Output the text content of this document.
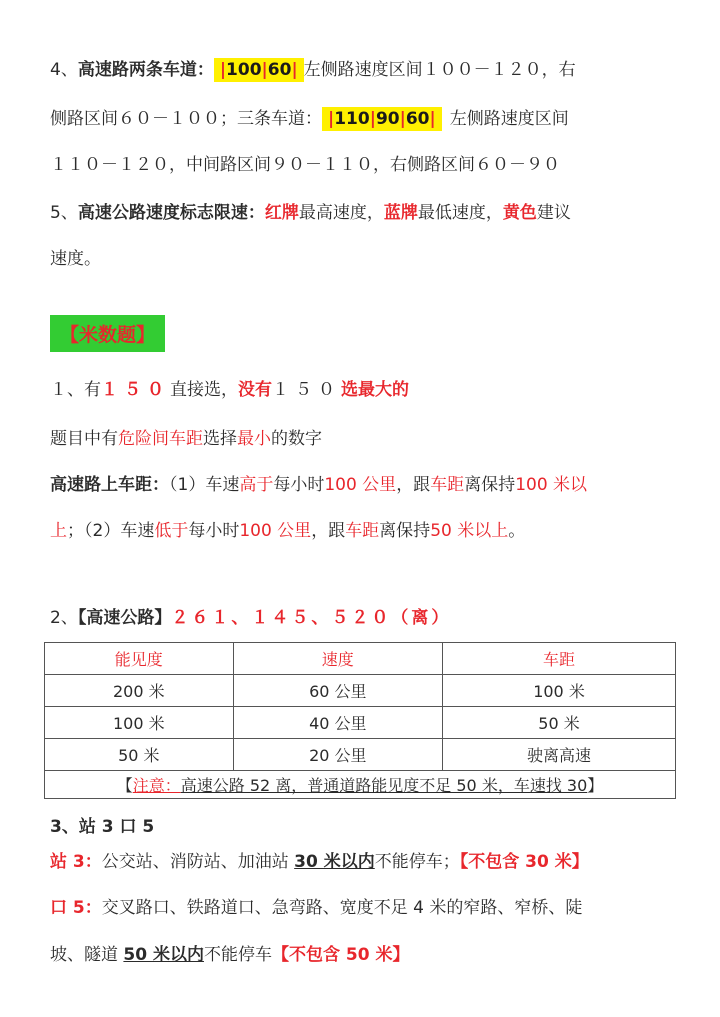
4、高速路两条车道： |100|60| 左侧路速度区间１００－１２０，右
侧路区间６０－１００；三条车道： |110|90|60| 左侧路速度区间
１１０－１２０，中间路区间９０－１１０，右侧路区间６０－９０
5、高速公路速度标志限速：红牌最高速度，蓝牌最低速度，黄色建议
速度。
【米数题】
１、有１５０直接选，没有１５０选最大的
题目中有危险间车距选择最小的数字
高速路上车距：（1）车速高于每小时100 公里，跟车距离保持100 米以
上；（2）车速低于每小时100 公里，跟车距离保持50 米以上。
2、【高速公路】２６１、１４５、５２０（离）
能见度	速度	车距
200 米	60 公里	100 米
100 米	40 公里	50 米
50 米	20 公里	驶离高速
【注意：高速公路 52 离，普通道路能见度不足 50 米，车速找 30】		
3、站 3 口 5
站 3：公交站、消防站、加油站 30 米以内不能停车；【不包含 30 米】
口 5：交叉路口、铁路道口、急弯路、宽度不足 4 米的窄路、窄桥、陡
坡、隧道 50 米以内不能停车【不包含 50 米】
